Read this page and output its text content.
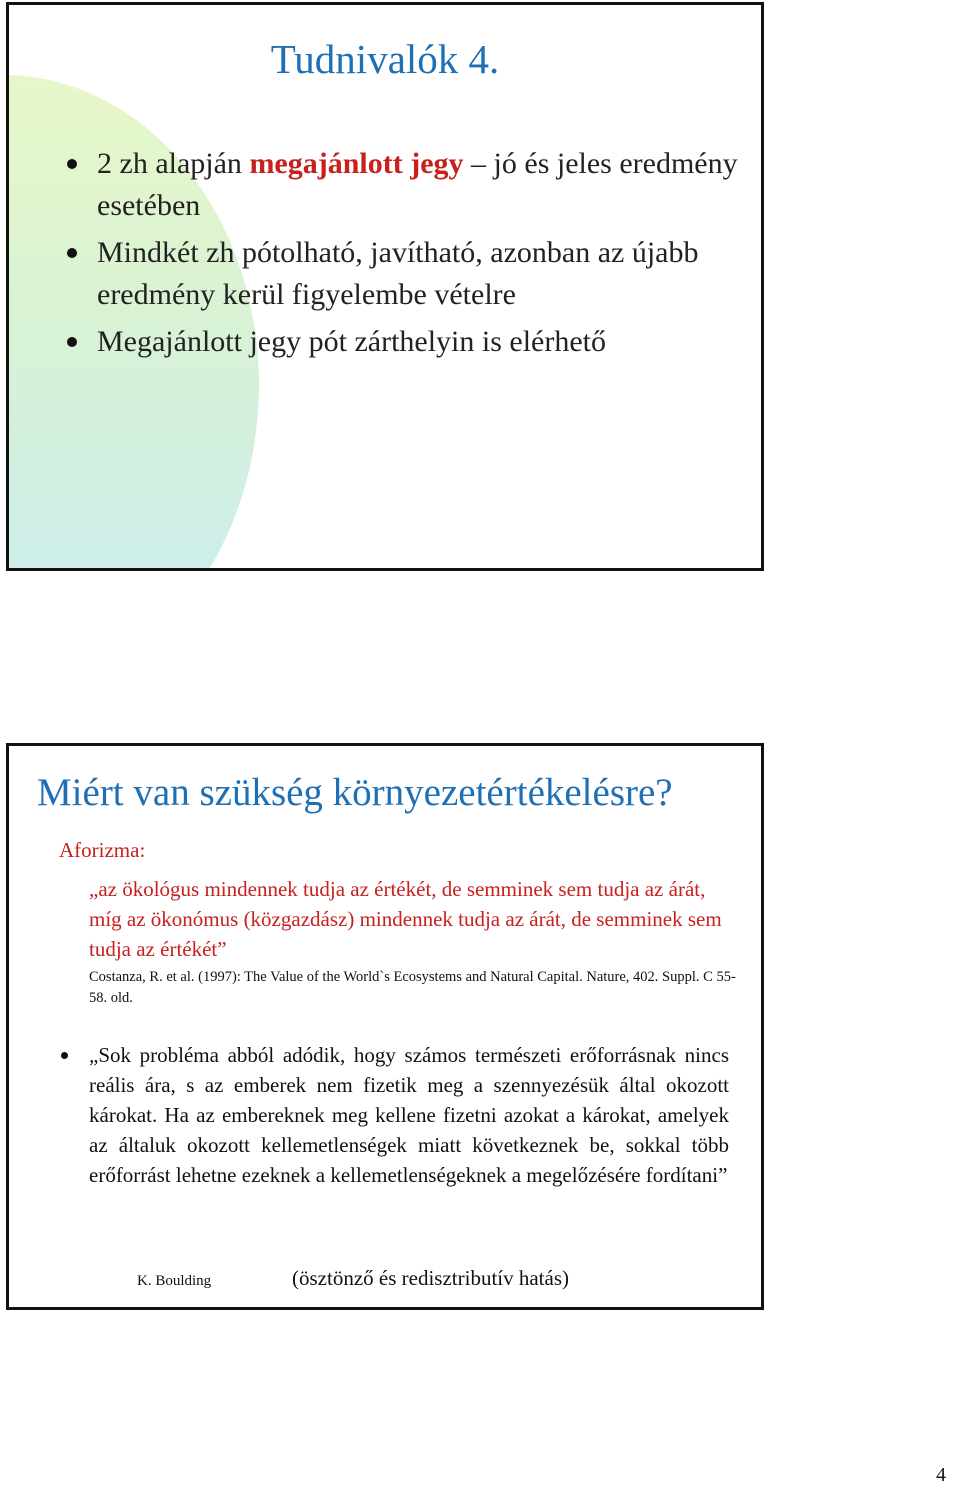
Tudnivalók 4.
2 zh alapján megajánlott jegy – jó és jeles eredmény esetében
Mindkét zh pótolható, javítható, azonban az újabb eredmény kerül figyelembe vételre
Megajánlott jegy pót zárthelyin is elérhető
Miért van szükség környezetértékelésre?
Aforizma:
„az ökológus mindennek tudja az értékét, de semminek sem tudja az árát, míg az ökonómus (közgazdász) mindennek tudja az árát, de semminek sem tudja az értékét”
Costanza, R. et al. (1997): The Value of the World`s Ecosystems and Natural Capital. Nature, 402. Suppl. C 55-58. old.
„Sok probléma abból adódik, hogy számos természeti erőforrásnak nincs reális ára, s az emberek nem fizetik meg a szennyezésük által okozott károkat. Ha az embereknek meg kellene fizetni azokat a károkat, amelyek az általuk okozott kellemetlenségek miatt következnek be, sokkal több erőforrást lehetne ezeknek a kellemetlenségeknek a megelőzésére fordítani”
K. Boulding	(ösztönző és redisztributív hatás)
4
